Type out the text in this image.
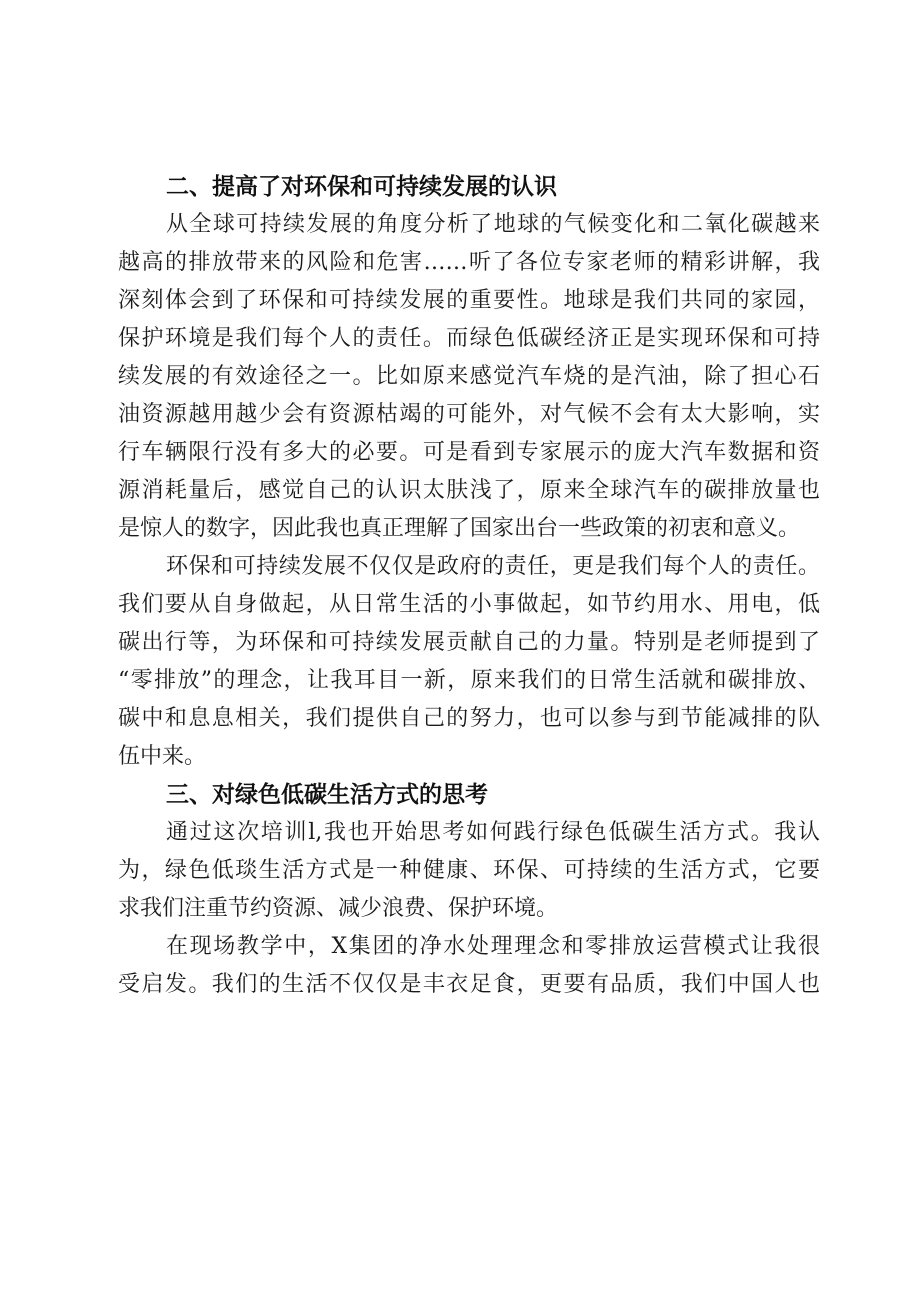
二、提高了对环保和可持续发展的认识
从全球可持续发展的角度分析了地球的气候变化和二氧化碳越来
越高的排放带来的风险和危害……听了各位专家老师的精彩讲解，我
深刻体会到了环保和可持续发展的重要性。地球是我们共同的家园，
保护环境是我们每个人的责任。而绿色低碳经济正是实现环保和可持
续发展的有效途径之一。比如原来感觉汽车烧的是汽油，除了担心石
油资源越用越少会有资源枯竭的可能外，对气候不会有太大影响，实
行车辆限行没有多大的必要。可是看到专家展示的庞大汽车数据和资
源消耗量后，感觉自己的认识太肤浅了，原来全球汽车的碳排放量也
是惊人的数字，因此我也真正理解了国家出台一些政策的初衷和意义。
环保和可持续发展不仅仅是政府的责任，更是我们每个人的责任。
我们要从自身做起，从日常生活的小事做起，如节约用水、用电，低
碳出行等，为环保和可持续发展贡献自己的力量。特别是老师提到了
“零排放”的理念，让我耳目一新，原来我们的日常生活就和碳排放、
碳中和息息相关，我们提供自己的努力，也可以参与到节能减排的队
伍中来。
三、对绿色低碳生活方式的思考
通过这次培训l,我也开始思考如何践行绿色低碳生活方式。我认
为，绿色低琰生活方式是一种健康、环保、可持续的生活方式，它要
求我们注重节约资源、减少浪费、保护环境。
在现场教学中，X集团的净水处理理念和零排放运营模式让我很
受启发。我们的生活不仅仅是丰衣足食，更要有品质，我们中国人也
